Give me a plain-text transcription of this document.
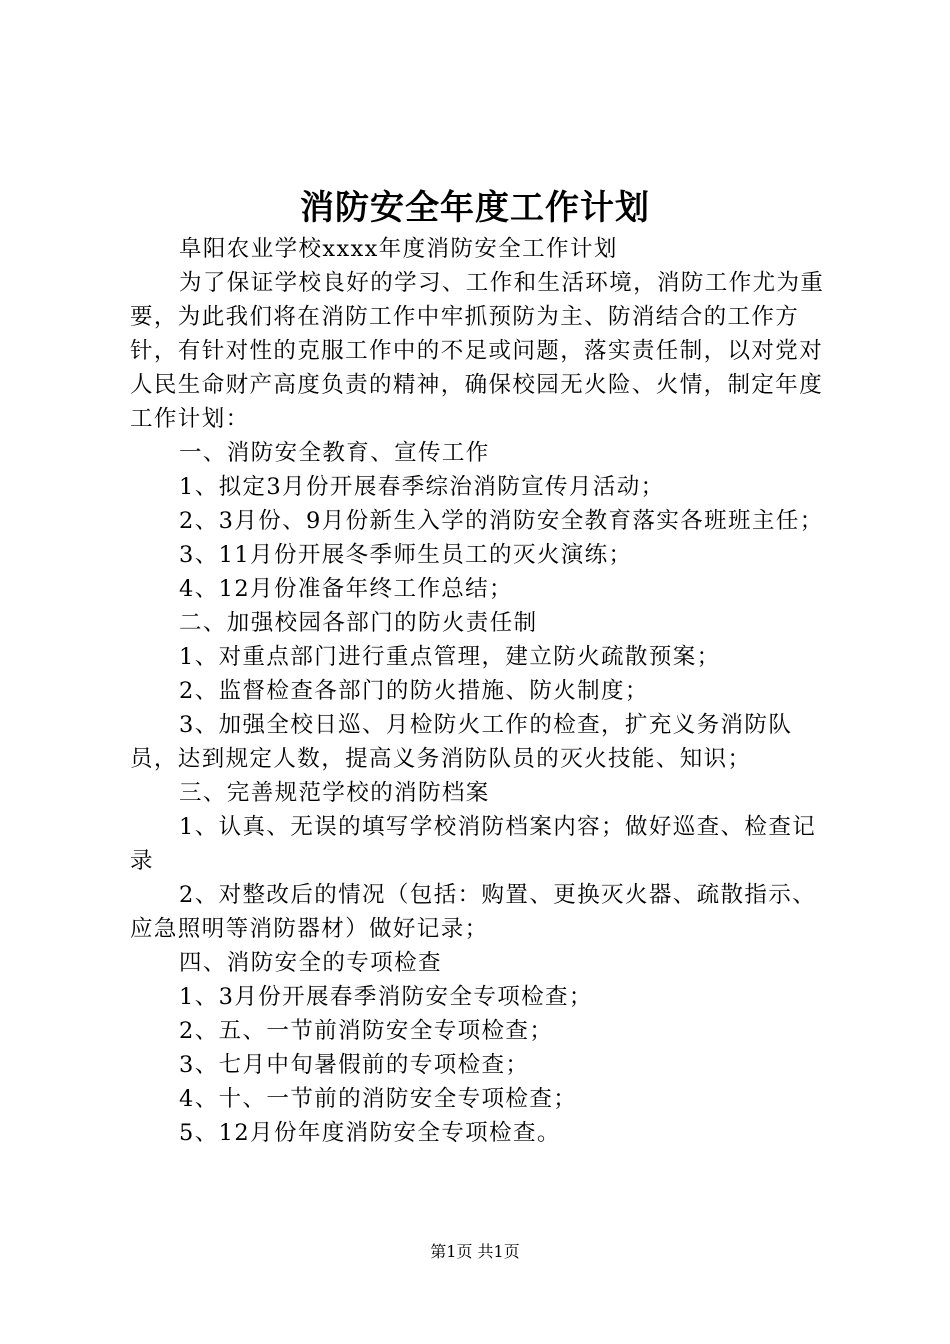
消防安全年度工作计划

阜阳农业学校xxxx年度消防安全工作计划

为了保证学校良好的学习、工作和生活环境，消防工作尤为重要，为此我们将在消防工作中牢抓预防为主、防消结合的工作方针，有针对性的克服工作中的不足或问题，落实责任制，以对党对人民生命财产高度负责的精神，确保校园无火险、火情，制定年度工作计划：

一、消防安全教育、宣传工作

1、拟定3月份开展春季综治消防宣传月活动；

2、3月份、9月份新生入学的消防安全教育落实各班班主任；

3、11月份开展冬季师生员工的灭火演练；

4、12月份准备年终工作总结；

二、加强校园各部门的防火责任制

1、对重点部门进行重点管理，建立防火疏散预案；

2、监督检查各部门的防火措施、防火制度；

3、加强全校日巡、月检防火工作的检查，扩充义务消防队员，达到规定人数，提高义务消防队员的灭火技能、知识；

三、完善规范学校的消防档案

1、认真、无误的填写学校消防档案内容；做好巡查、检查记录

2、对整改后的情况（包括：购置、更换灭火器、疏散指示、应急照明等消防器材）做好记录；

四、消防安全的专项检查

1、3月份开展春季消防安全专项检查；

2、五、一节前消防安全专项检查；

3、七月中旬暑假前的专项检查；

4、十、一节前的消防安全专项检查；

5、12月份年度消防安全专项检查。

第1页 共1页
